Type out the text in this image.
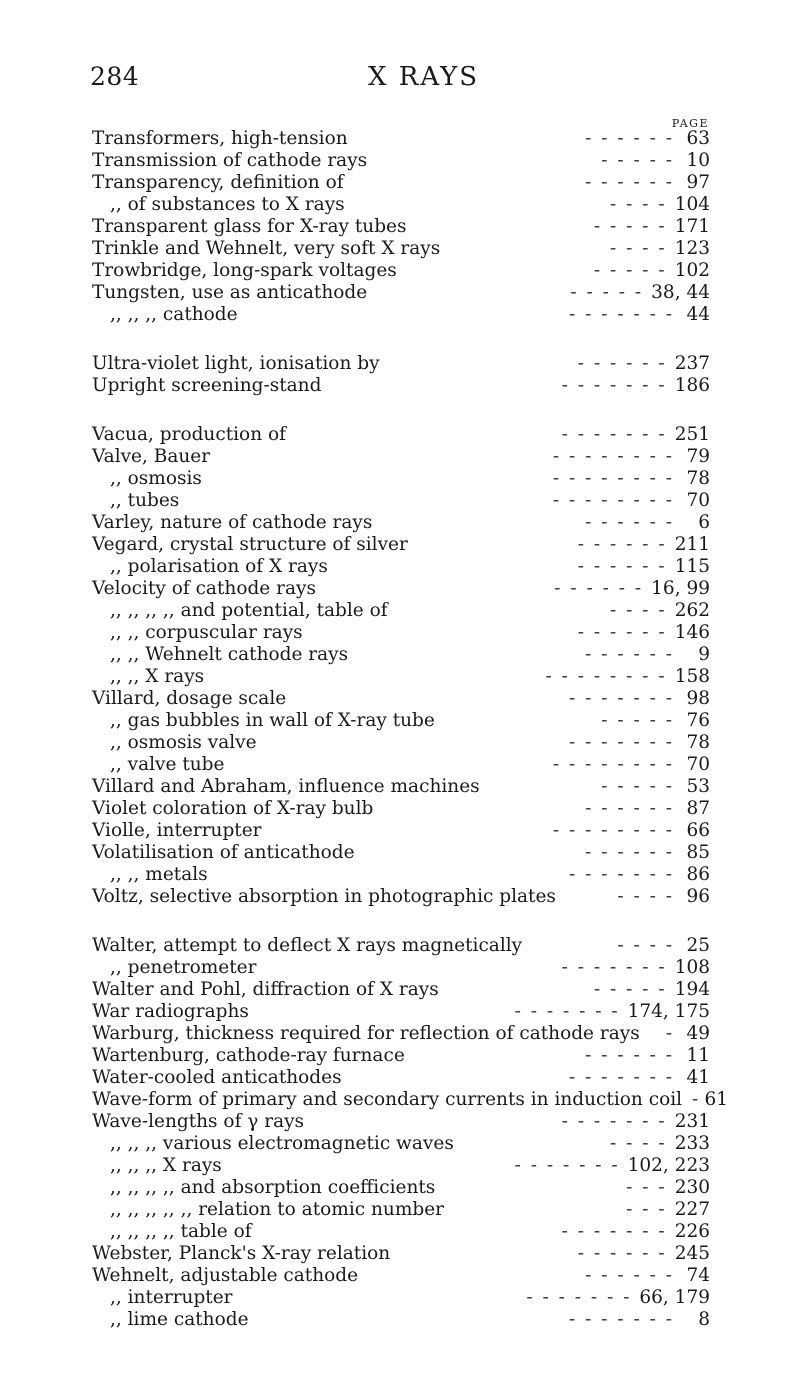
284	X RAYS
PAGE
Transformers, high-tension	- - - - - - 63
Transmission of cathode rays	- - - - - 10
Transparency, definition of	- - - - - - 97
,, of substances to X rays	- - - - 104
Transparent glass for X-ray tubes	- - - - - 171
Trinkle and Wehnelt, very soft X rays	- - - - 123
Trowbridge, long-spark voltages	- - - - - 102
Tungsten, use as anticathode	- - - - - 38, 44
,, ,, ,, cathode	- - - - - - - 44
Ultra-violet light, ionisation by	- - - - - - 237
Upright screening-stand	- - - - - - - 186
Vacua, production of	- - - - - - - 251
Valve, Bauer	- - - - - - - - 79
,, osmosis	- - - - - - - - 78
,, tubes	- - - - - - - - 70
Varley, nature of cathode rays	- - - - - -	6
Vegard, crystal structure of silver	- - - - - - 211
,, polarisation of X rays	- - - - - - 115
Velocity of cathode rays	- - - - - - 16, 99
,, ,, ,, ,, and potential, table of	- - - - 262
,, ,, corpuscular rays	- - - - - - 146
,, ,, Wehnelt cathode rays	- - - - - -	9
,, ,, X rays	- - - - - - - - 158
Villard, dosage scale	- - - - - - - 98
,, gas bubbles in wall of X-ray tube	- - - - - 76
,, osmosis valve	- - - - - - - 78
,, valve tube	- - - - - - - - 70
Villard and Abraham, influence machines	- - - - - 53
Violet coloration of X-ray bulb	- - - - - - 87
Violle, interrupter	- - - - - - - - 66
Volatilisation of anticathode	- - - - - - 85
,, ,, metals	- - - - - - - 86
Voltz, selective absorption in photographic plates	- - - - 96
Walter, attempt to deflect X rays magnetically	- - - - 25
,, penetrometer	- - - - - - - 108
Walter and Pohl, diffraction of X rays	- - - - - 194
War radiographs	- - - - - - - 174, 175
Warburg, thickness required for reflection of cathode rays	- 49
Wartenburg, cathode-ray furnace	- - - - - - 11
Water-cooled anticathodes	- - - - - - - 41
Wave-form of primary and secondary currents in induction coil - 61
Wave-lengths of γ rays	- - - - - - - 231
,, ,, ,, various electromagnetic waves	- - - - 233
,, ,, ,, X rays	- - - - - - - 102, 223
,, ,, ,, ,, and absorption coefficients	- - - 230
,, ,, ,, ,, ,, relation to atomic number	- - - 227
,, ,, ,, ,, table of	- - - - - - - 226
Webster, Planck's X-ray relation	- - - - - - 245
Wehnelt, adjustable cathode	- - - - - - 74
,, interrupter	- - - - - - - 66, 179
,, lime cathode	- - - - - - -	8
